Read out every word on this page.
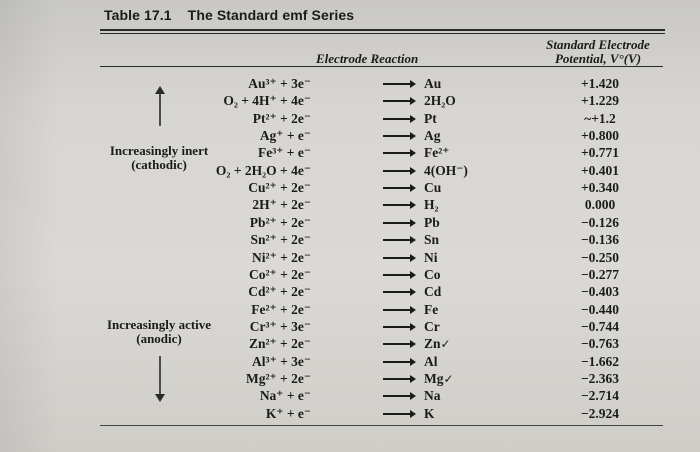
Table 17.1 The Standard emf Series
Electrode Reaction
Standard Electrode
Potential, V°(V)
Increasingly inert
(cathodic)
Increasingly active
(anodic)
Au³⁺ + 3e⁻	Au	+1.420
O₂ + 4H⁺ + 4e⁻	2H₂O	+1.229
Pt²⁺ + 2e⁻	Pt	~+1.2
Ag⁺ + e⁻	Ag	+0.800
Fe³⁺ + e⁻	Fe²⁺	+0.771
O₂ + 2H₂O + 4e⁻	4(OH⁻)	+0.401
Cu²⁺ + 2e⁻	Cu	+0.340
2H⁺ + 2e⁻	H₂	0.000
Pb²⁺ + 2e⁻	Pb	−0.126
Sn²⁺ + 2e⁻	Sn	−0.136
Ni²⁺ + 2e⁻	Ni	−0.250
Co²⁺ + 2e⁻	Co	−0.277
Cd²⁺ + 2e⁻	Cd	−0.403
Fe²⁺ + 2e⁻	Fe	−0.440
Cr³⁺ + 3e⁻	Cr	−0.744
Zn²⁺ + 2e⁻	Zn✓	−0.763
Al³⁺ + 3e⁻	Al	−1.662
Mg²⁺ + 2e⁻	Mg✓	−2.363
Na⁺ + e⁻	Na	−2.714
K⁺ + e⁻	K	−2.924
